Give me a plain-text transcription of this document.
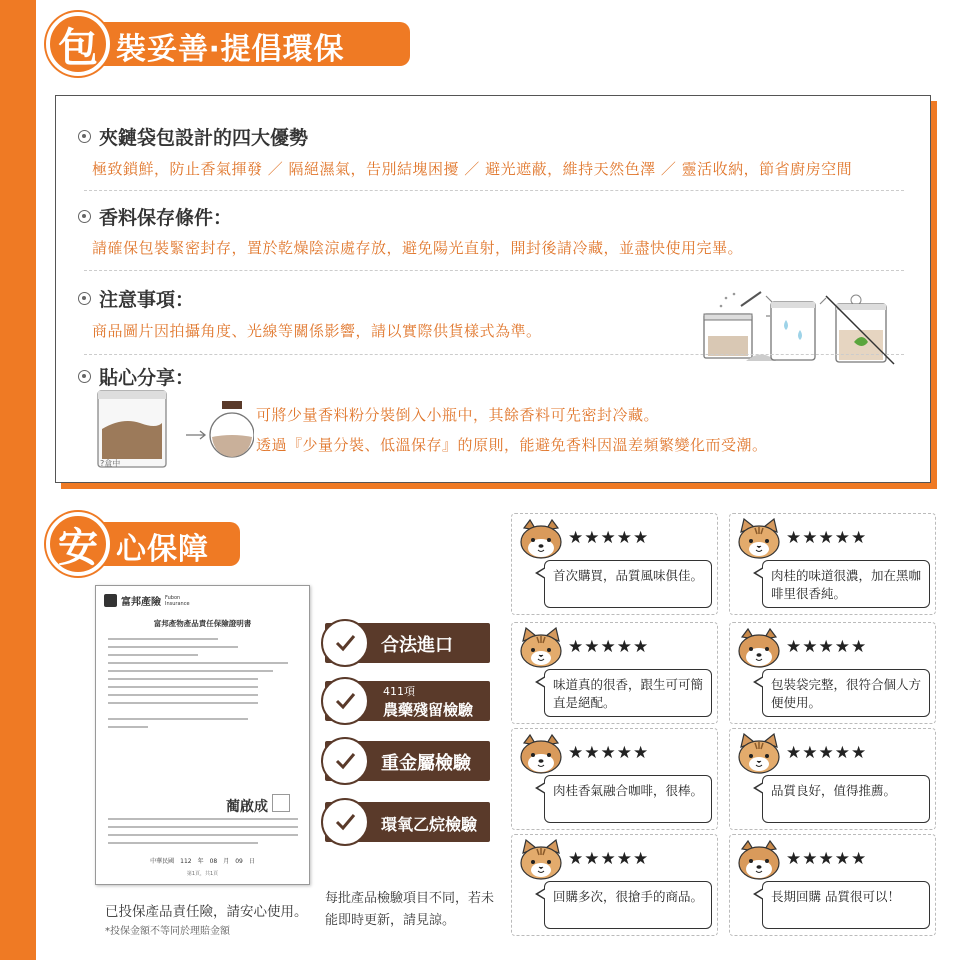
包 裝妥善‧提倡環保
夾鏈袋包設計的四大優勢
極致鎖鮮，防止香氣揮發 ／ 隔絕濕氣，告別結塊困擾 ／ 避光遮蔽，維持天然色澤 ／ 靈活收納，節省廚房空間
香料保存條件：
請確保包裝緊密封存，置於乾燥陰涼處存放，避免陽光直射，開封後請冷藏，並盡快使用完畢。
注意事項：
商品圖片因拍攝角度、光線等關係影響，請以實際供貨樣式為準。
貼心分享：
?盒中
可將少量香料粉分裝倒入小瓶中，其餘香料可先密封冷藏。
透過『少量分裝、低溫保存』的原則，能避免香料因溫差頻繁變化而受潮。
安 心保障
富邦產險 Fubon Insurance
富邦產物產品責任保險證明書
蔺啟成
中華民國　112　年　08　月　09　日
第1頁，共1頁
合法進口
411項
農藥殘留檢驗
重金屬檢驗
環氧乙烷檢驗
已投保產品責任險，請安心使用。
*投保金額不等同於理賠金額
每批產品檢驗項目不同，若未
能即時更新，請見諒。
★★★★★
首次購買，品質風味俱佳。
★★★★★
肉桂的味道很濃，加在黑咖啡里很香純。
★★★★★
味道真的很香，跟生可可簡直是絕配。
★★★★★
包裝袋完整，很符合個人方便使用。
★★★★★
肉桂香氣融合咖啡，很棒。
★★★★★
品質良好，值得推薦。
★★★★★
回購多次，很搶手的商品。
★★★★★
長期回購 品質很可以！
